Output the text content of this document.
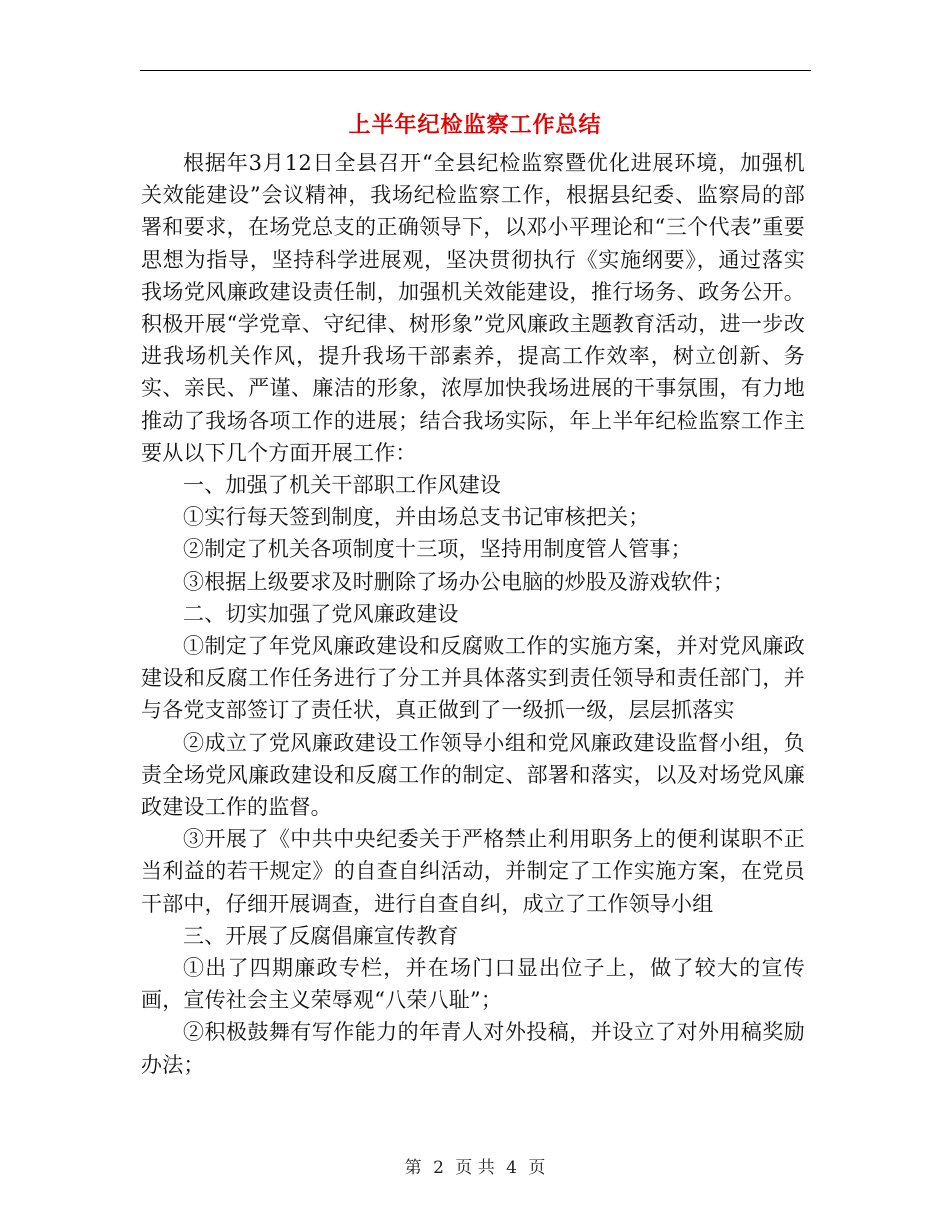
上半年纪检监察工作总结

根据年3月12日全县召开“全县纪检监察暨优化进展环境，加强机关效能建设”会议精神，我场纪检监察工作，根据县纪委、监察局的部署和要求，在场党总支的正确领导下，以邓小平理论和“三个代表”重要思想为指导，坚持科学进展观，坚决贯彻执行《实施纲要》，通过落实我场党风廉政建设责任制，加强机关效能建设，推行场务、政务公开。积极开展“学党章、守纪律、树形象”党风廉政主题教育活动，进一步改进我场机关作风，提升我场干部素养，提高工作效率，树立创新、务实、亲民、严谨、廉洁的形象，浓厚加快我场进展的干事氛围，有力地推动了我场各项工作的进展；结合我场实际，年上半年纪检监察工作主要从以下几个方面开展工作：

一、加强了机关干部职工作风建设

①实行每天签到制度，并由场总支书记审核把关；

②制定了机关各项制度十三项，坚持用制度管人管事；

③根据上级要求及时删除了场办公电脑的炒股及游戏软件；

二、切实加强了党风廉政建设

①制定了年党风廉政建设和反腐败工作的实施方案，并对党风廉政建设和反腐工作任务进行了分工并具体落实到责任领导和责任部门，并与各党支部签订了责任状，真正做到了一级抓一级，层层抓落实

②成立了党风廉政建设工作领导小组和党风廉政建设监督小组，负责全场党风廉政建设和反腐工作的制定、部署和落实，以及对场党风廉政建设工作的监督。

③开展了《中共中央纪委关于严格禁止利用职务上的便利谋职不正当利益的若干规定》的自查自纠活动，并制定了工作实施方案，在党员干部中，仔细开展调查，进行自查自纠，成立了工作领导小组

三、开展了反腐倡廉宣传教育

①出了四期廉政专栏，并在场门口显出位子上，做了较大的宣传画，宣传社会主义荣辱观“八荣八耻”；

②积极鼓舞有写作能力的年青人对外投稿，并设立了对外用稿奖励办法；

第 2 页 共 4 页
